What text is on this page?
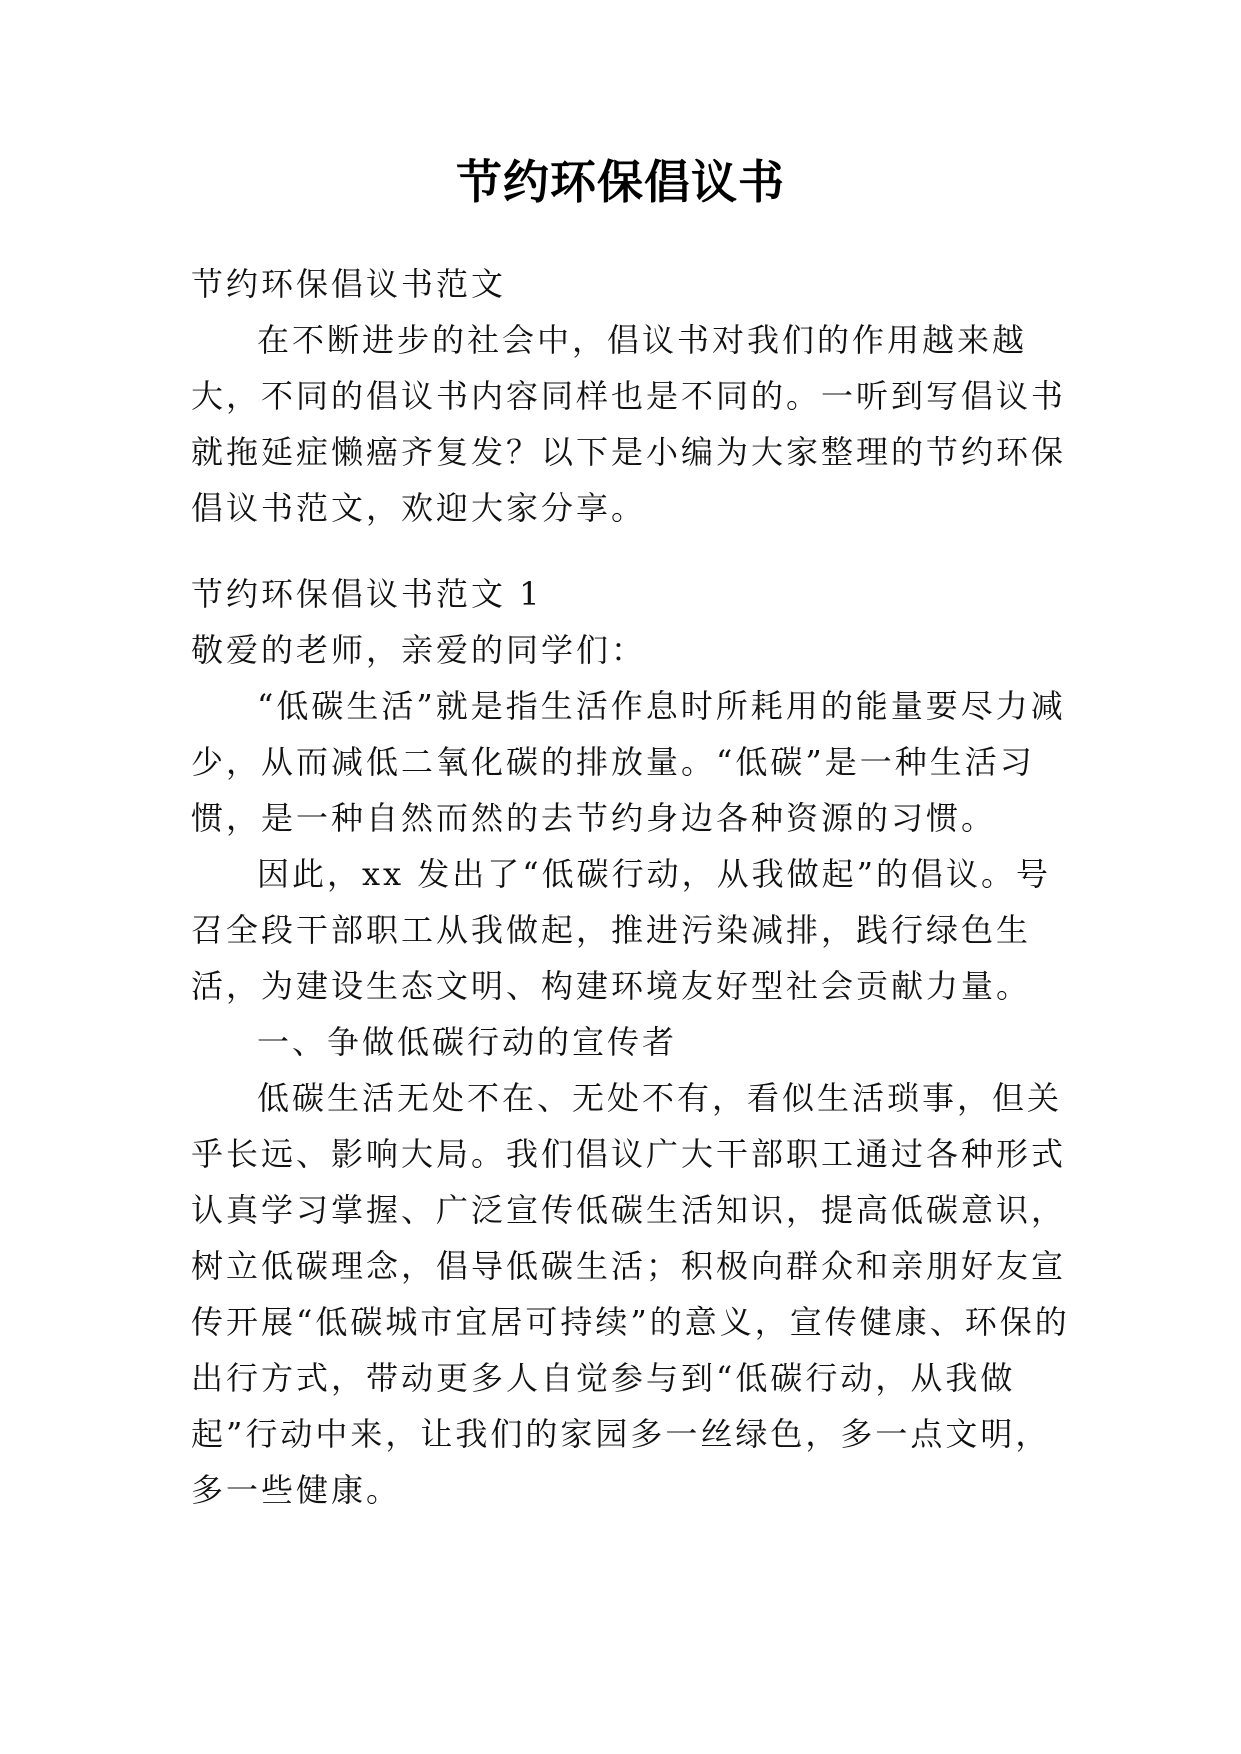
节约环保倡议书

节约环保倡议书范文

在不断进步的社会中，倡议书对我们的作用越来越大，不同的倡议书内容同样也是不同的。一听到写倡议书就拖延症懒癌齐复发？以下是小编为大家整理的节约环保倡议书范文，欢迎大家分享。

节约环保倡议书范文 1

敬爱的老师，亲爱的同学们：

“低碳生活”就是指生活作息时所耗用的能量要尽力减少，从而减低二氧化碳的排放量。“低碳”是一种生活习惯，是一种自然而然的去节约身边各种资源的习惯。

因此，xx 发出了“低碳行动，从我做起”的倡议。号召全段干部职工从我做起，推进污染减排，践行绿色生活，为建设生态文明、构建环境友好型社会贡献力量。

一、争做低碳行动的宣传者

低碳生活无处不在、无处不有，看似生活琐事，但关乎长远、影响大局。我们倡议广大干部职工通过各种形式认真学习掌握、广泛宣传低碳生活知识，提高低碳意识，树立低碳理念，倡导低碳生活；积极向群众和亲朋好友宣传开展“低碳城市宜居可持续”的意义，宣传健康、环保的出行方式，带动更多人自觉参与到“低碳行动，从我做起”行动中来，让我们的家园多一丝绿色，多一点文明，多一些健康。
